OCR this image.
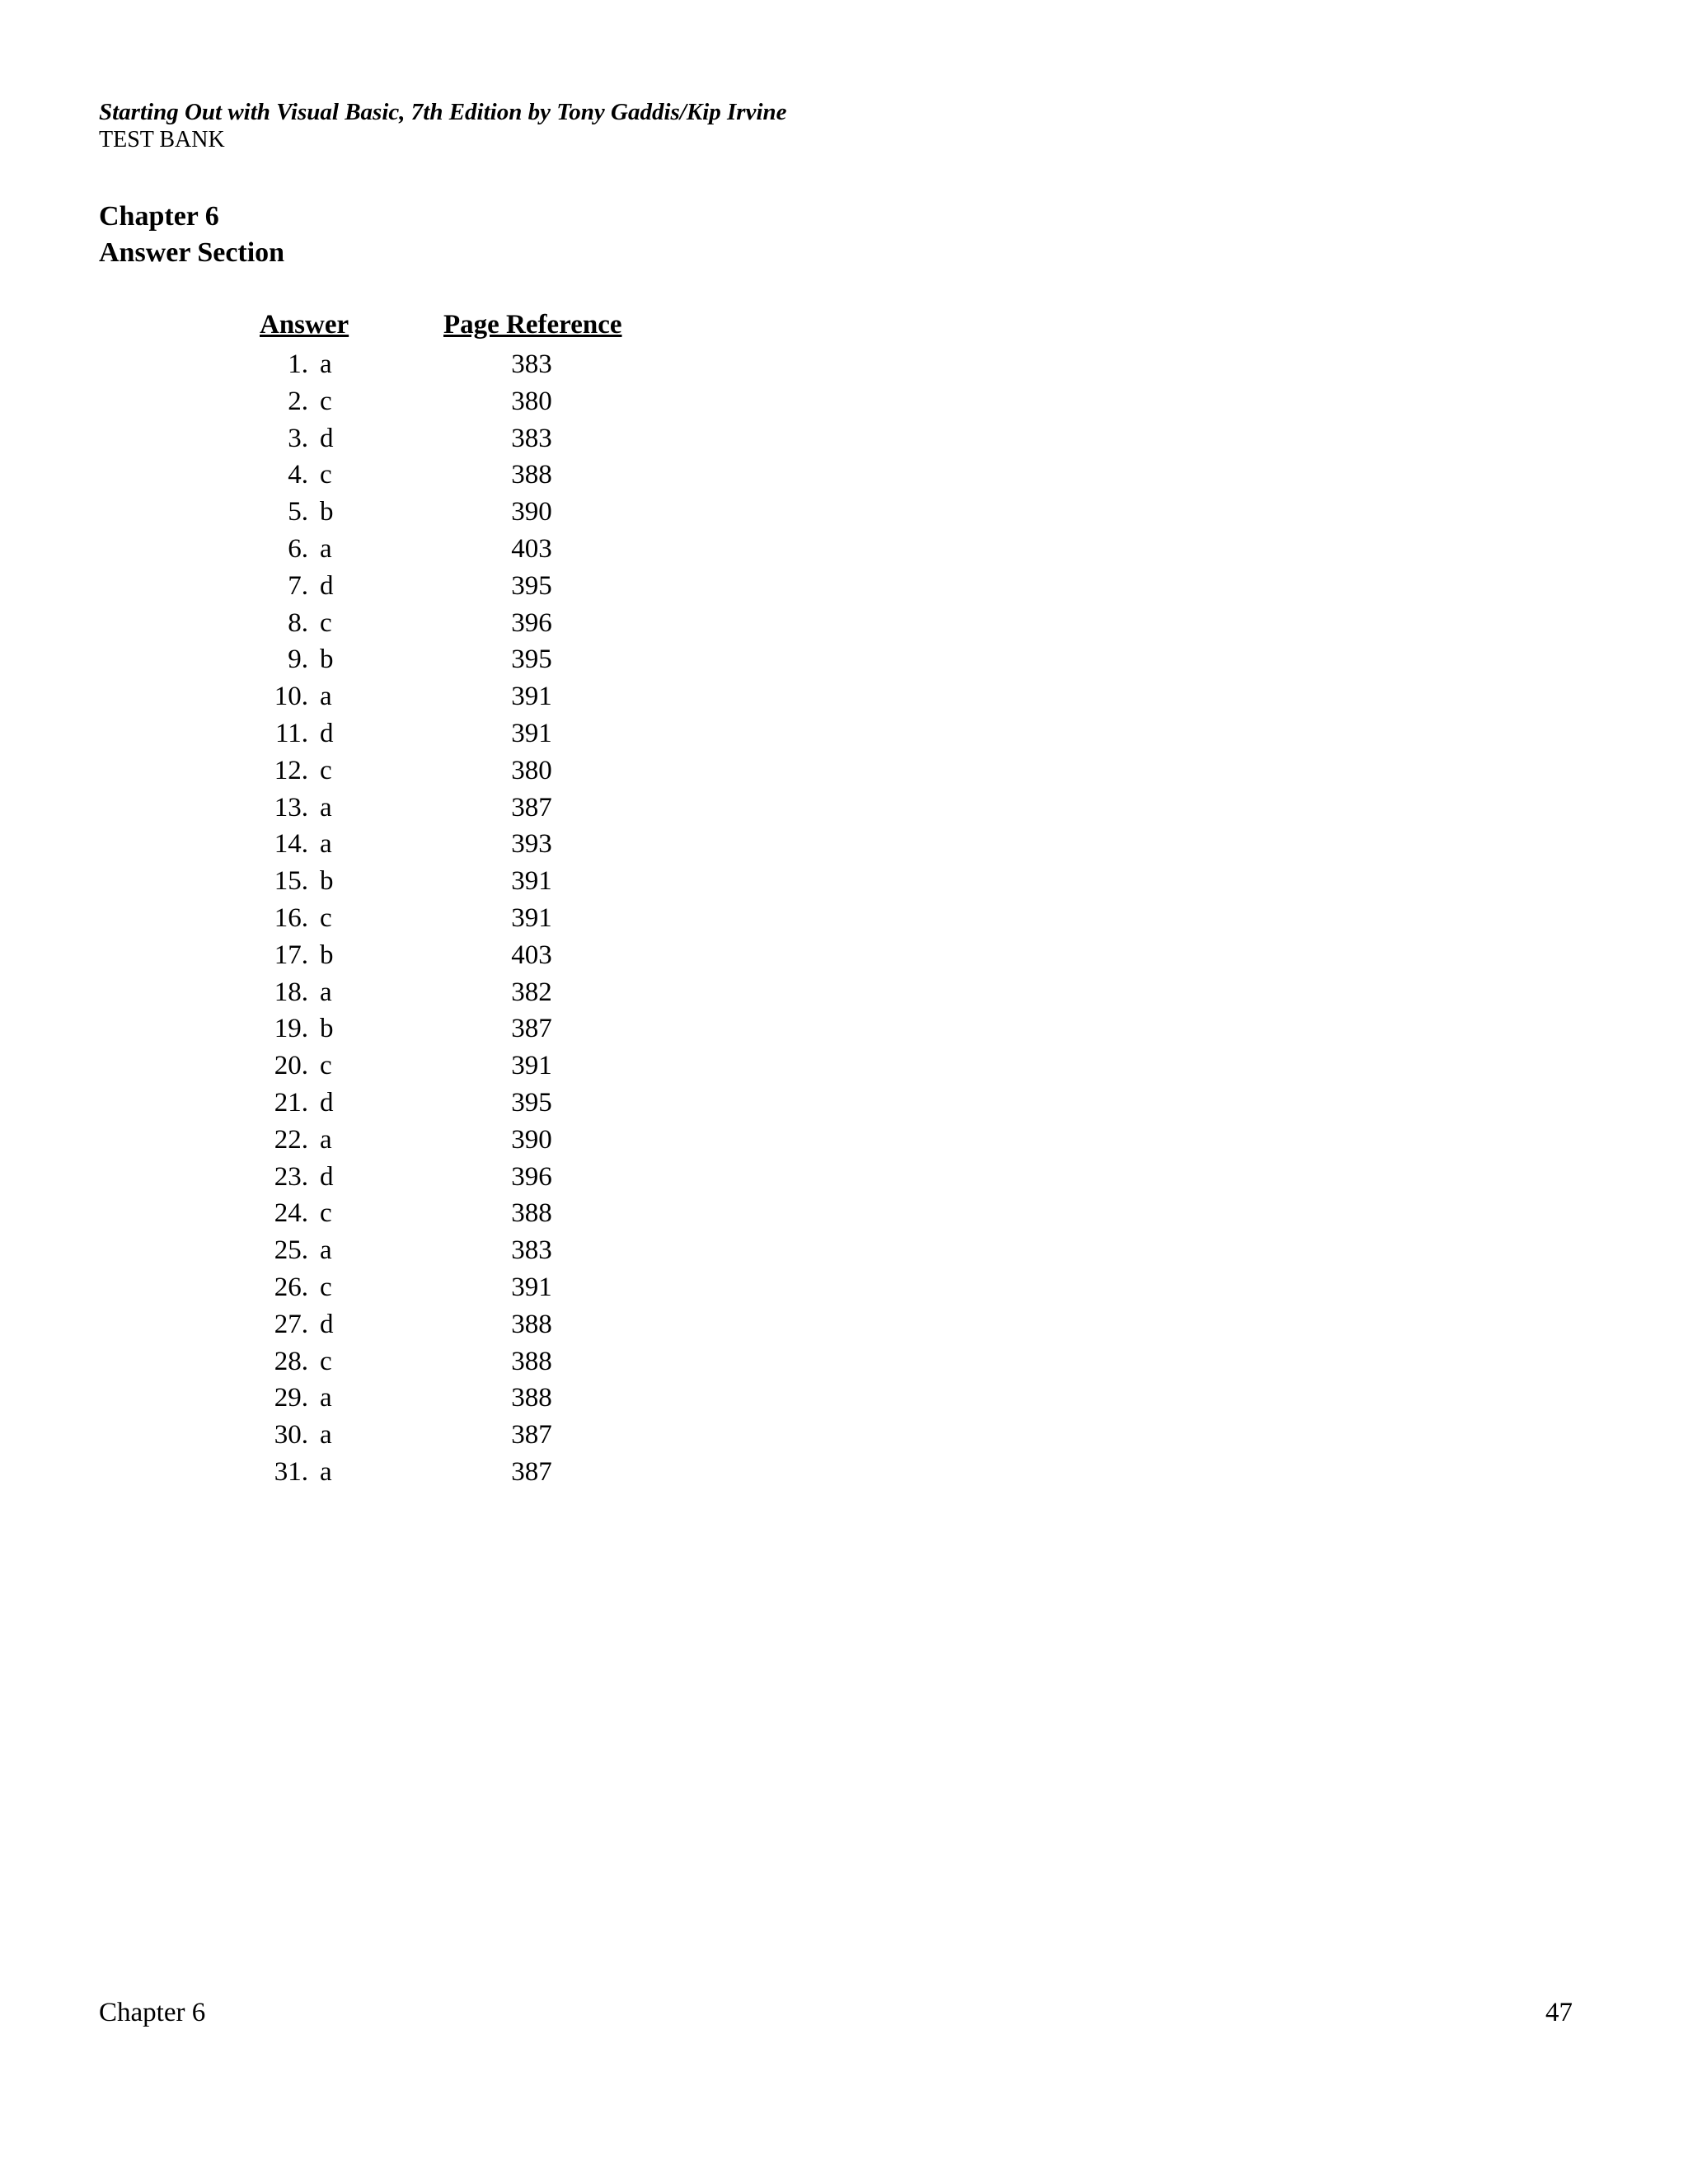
Starting Out with Visual Basic, 7th Edition by Tony Gaddis/Kip Irvine
TEST BANK
Chapter 6
Answer Section
Answer	Page Reference
1. a	383
2. c	380
3. d	383
4. c	388
5. b	390
6. a	403
7. d	395
8. c	396
9. b	395
10. a	391
11. d	391
12. c	380
13. a	387
14. a	393
15. b	391
16. c	391
17. b	403
18. a	382
19. b	387
20. c	391
21. d	395
22. a	390
23. d	396
24. c	388
25. a	383
26. c	391
27. d	388
28. c	388
29. a	388
30. a	387
31. a	387
Chapter 6	47
